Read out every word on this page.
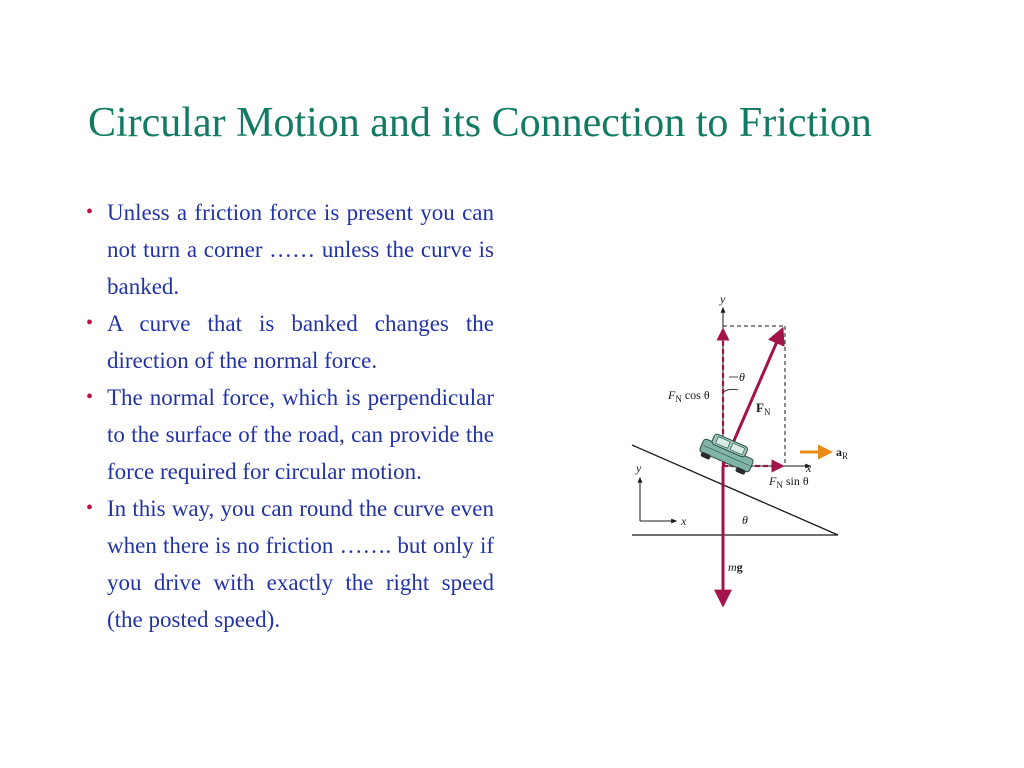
Circular Motion and its Connection to Friction
• Unless a friction force is present you can not turn a corner …… unless the curve is banked.
• A curve that is banked changes the direction of the normal force.
• The normal force, which is perpendicular to the surface of the road, can provide the force required for circular motion.
• In this way, you can round the curve even when there is no friction ……. but only if you drive with exactly the right speed (the posted speed).
y
x
θ
$F_N$ cos θ
$F_N$
$F_N$ sin θ
$a_R$
mg
θ
y
x
